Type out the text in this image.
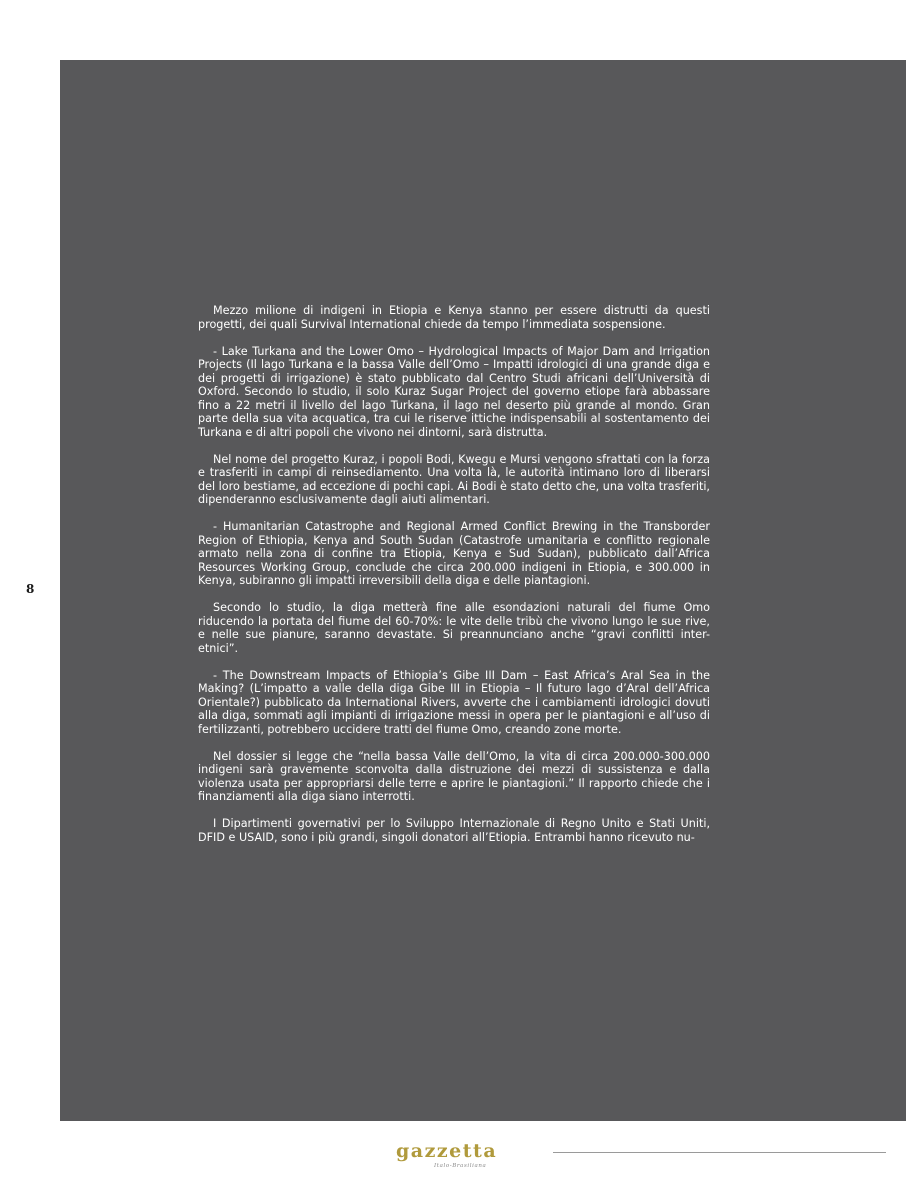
8

Mezzo milione di indigeni in Etiopia e Kenya stanno per essere distrutti da questi progetti, dei quali Survival International chiede da tempo l’immediata sospensione.

- Lake Turkana and the Lower Omo – Hydrological Impacts of Major Dam and Irrigation Projects (Il lago Turkana e la bassa Valle dell’Omo – Impatti idrologici di una grande diga e dei progetti di irrigazione) è stato pubblicato dal Centro Studi africani dell’Università di Oxford. Secondo lo studio, il solo Kuraz Sugar Project del governo etiope farà abbassare fino a 22 metri il livello del lago Turkana, il lago nel deserto più grande al mondo. Gran parte della sua vita acquatica, tra cui le riserve ittiche indispensabili al sostentamento dei Turkana e di altri popoli che vivono nei dintorni, sarà distrutta.

Nel nome del progetto Kuraz, i popoli Bodi, Kwegu e Mursi vengono sfrattati con la forza e trasferiti in campi di reinsediamento. Una volta là, le autorità intimano loro di liberarsi del loro bestiame, ad eccezione di pochi capi. Ai Bodi è stato detto che, una volta trasferiti, dipenderanno esclusivamente dagli aiuti alimentari.

- Humanitarian Catastrophe and Regional Armed Conflict Brewing in the Transborder Region of Ethiopia, Kenya and South Sudan (Catastrofe umanitaria e conflitto regionale armato nella zona di confine tra Etiopia, Kenya e Sud Sudan), pubblicato dall’Africa Resources Working Group, conclude che circa 200.000 indigeni in Etiopia, e 300.000 in Kenya, subiranno gli impatti irreversibili della diga e delle piantagioni.

Secondo lo studio, la diga metterà fine alle esondazioni naturali del fiume Omo riducendo la portata del fiume del 60-70%: le vite delle tribù che vivono lungo le sue rive, e nelle sue pianure, saranno devastate. Si preannunciano anche “gravi conflitti inter-etnici”.

- The Downstream Impacts of Ethiopia’s Gibe III Dam – East Africa’s Aral Sea in the Making? (L’impatto a valle della diga Gibe III in Etiopia – Il futuro lago d’Aral dell’Africa Orientale?) pubblicato da International Rivers, avverte che i cambiamenti idrologici dovuti alla diga, sommati agli impianti di irrigazione messi in opera per le piantagioni e all’uso di fertilizzanti, potrebbero uccidere tratti del fiume Omo, creando zone morte.

Nel dossier si legge che “nella bassa Valle dell’Omo, la vita di circa 200.000-300.000 indigeni sarà gravemente sconvolta dalla distruzione dei mezzi di sussistenza e dalla violenza usata per appropriarsi delle terre e aprire le piantagioni.” Il rapporto chiede che i finanziamenti alla diga siano interrotti.

I Dipartimenti governativi per lo Sviluppo Internazionale di Regno Unito e Stati Uniti, DFID e USAID, sono i più grandi, singoli donatori all’Etiopia. Entrambi hanno ricevuto nu-

gazzetta
Italo-Brasiliana
